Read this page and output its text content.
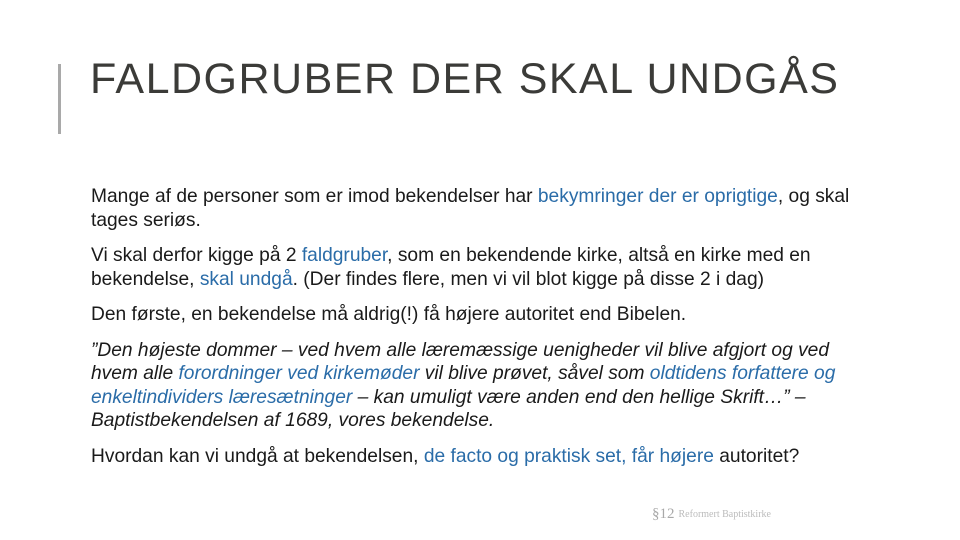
FALDGRUBER DER SKAL UNDGÅS

Mange af de personer som er imod bekendelser har bekymringer der er oprigtige, og skal tages seriøs.

Vi skal derfor kigge på 2 faldgruber, som en bekendende kirke, altså en kirke med en bekendelse, skal undgå. (Der findes flere, men vi vil blot kigge på disse 2 i dag)

Den første, en bekendelse må aldrig(!) få højere autoritet end Bibelen.

”Den højeste dommer – ved hvem alle læremæssige uenigheder vil blive afgjort og ved hvem alle forordninger ved kirkemøder vil blive prøvet, såvel som oldtidens forfattere og enkeltindividers læresætninger – kan umuligt være anden end den hellige Skrift…” – Baptistbekendelsen af 1689, vores bekendelse.

Hvordan kan vi undgå at bekendelsen, de facto og praktisk set, får højere autoritet?

§12 Reformert Baptistkirke
